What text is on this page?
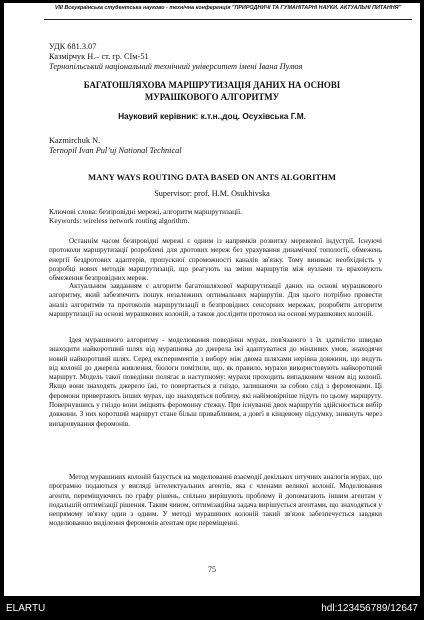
VIII Всеукраїнська студентська науково - технічна конференція "ПРИРОДНИЧІ ТА ГУМАНІТАРНІ НАУКИ. АКТУАЛЬНІ ПИТАННЯ"
УДК 681.3.07
Казмірчук Н.– ст. гр. СІм-51
Тернопільський національний технічний університет імені Івана Пулюя
БАГАТОШЛЯХОВА МАРШРУТИЗАЦІЯ ДАНИХ НА ОСНОВІ
МУРАШКОВОГО АЛГОРИТМУ
Науковий керівник: к.т.н.,доц. Осухівська Г.М.
Kazmirchuk N.
Ternopil Ivan Pul’uj National Technical
MANY WAYS ROUTING DATA BASED ON ANTS ALGORITHM
Supervisor: prof. H.M. Osukhivska
Ключові слова: безпровідні мережі, алгоритм маршрутизації.
Keywords: wireless network routing algorithm.

Останнім часом безпровідні мережі є одним із напрямків розвитку мережевої індустрії. Існуючі протоколи маршрутизації розроблені для дротових мереж без урахування динамічної топології, обмежень енергії бездротових адаптерів, пропускної спроможності каналів зв'язку. Тому виникає необхідність у розробці нових методів маршрутизації, що реагують на зміни маршрутів між вузлами та враховують обмеження безпровідних мереж.

Актуальним завданням є алгоритм багатошляхової маршрутизації даних на основі мурашкового алгоритму, який забезпечить пошук незалежних оптимальних маршрутів. Для цього потрібно провести аналіз алгоритмів та протоколів маршрутизації в безпровідних сенсорних мережах, розробити алгоритм маршрутизації на основі мурашкових колоній, а також дослідити протокол на основі мурашкових колоній.

Ідея мурашиного алгоритму - моделювання поведінки мурах, пов'язаного з їх здатністю швидко знаходити найкоротший шлях від мурашника до джерела їжі адаптуватися до мінливих умов, знаходячи новий найкоротший шлях. Серед експериментів з вибору між двома шляхами нерівна довжини, що ведуть від колонії до джерела живлення, біологи помітили, що, як правило, мурахи використовують найкоротший маршрут. Модель такої поведінки полягає в наступному: мурахи проходить випадковим чином від колонії. Якщо вони знаходять джерело їжі, то повертається в гніздо, залишаючи за собою слід з феромонами. Ці феромони привертають інших мурах, що знаходяться поблизу, які найімовірніше підуть по цьому маршруту. Повернувшись у гніздо вони зміцнять феромонну стежку. При існуванні двох маршрутів здійснюється вибір довжини. З них коротший маршрут стане більш привабливим, а довгі в кінцевому підсумку, зникнуть через випаровування феромонів.

Метод мурашиних колоній базується на моделюванні взаємодії декількох штучних аналогів мурах, що програмно подаються у вигляді інтелектуальних агентів, яка є членами великої колонії. Моделювання агенти, переміщуючись по графу рішень, спільно вирішують проблему й допомагають іншим агентам у подальшій оптимізації рішення. Таким чином, оптимізаційна задача вирішується агентами, що знаходяться у непрямому зв'язку один з одним. У методі мурашиних колоній такий зв'язок забезпечується завдяки моделюванню виділення феромонів агентам при переміщенні.

75
ELARTU	hdl:123456789/12647
